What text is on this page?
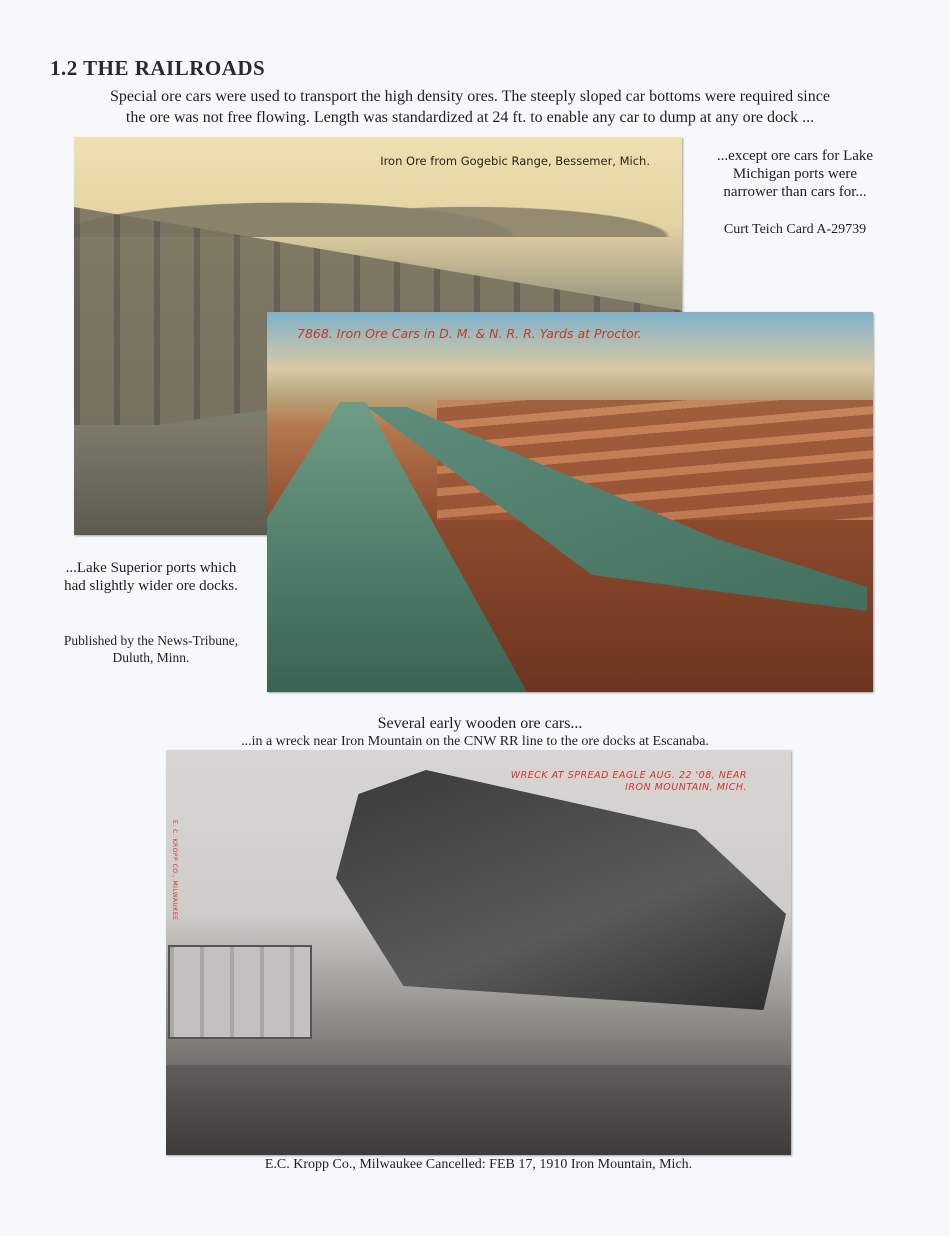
1.2 THE RAILROADS
Special ore cars were used to transport the high density ores. The steeply sloped car bottoms were required since
the ore was not free flowing. Length was standardized at 24 ft. to enable any car to dump at any ore dock ...
Iron Ore from Gogebic Range, Bessemer, Mich.	...except ore cars for Lake
Michigan ports were
narrower than cars for...
Curt Teich Card A-29739
7868. Iron Ore Cars in D. M. & N. R. R. Yards at Proctor.
...Lake Superior ports which
had slightly wider ore docks.
Published by the News-Tribune,
Duluth, Minn.
Several early wooden ore cars...
...in a wreck near Iron Mountain on the CNW RR line to the ore docks at Escanaba.
WRECK AT SPREAD EAGLE AUG. 22 '08, NEAR
IRON MOUNTAIN, MICH.
E. C. KROPP CO., MILWAUKEE
E.C. Kropp Co., Milwaukee Cancelled: FEB 17, 1910 Iron Mountain, Mich.
